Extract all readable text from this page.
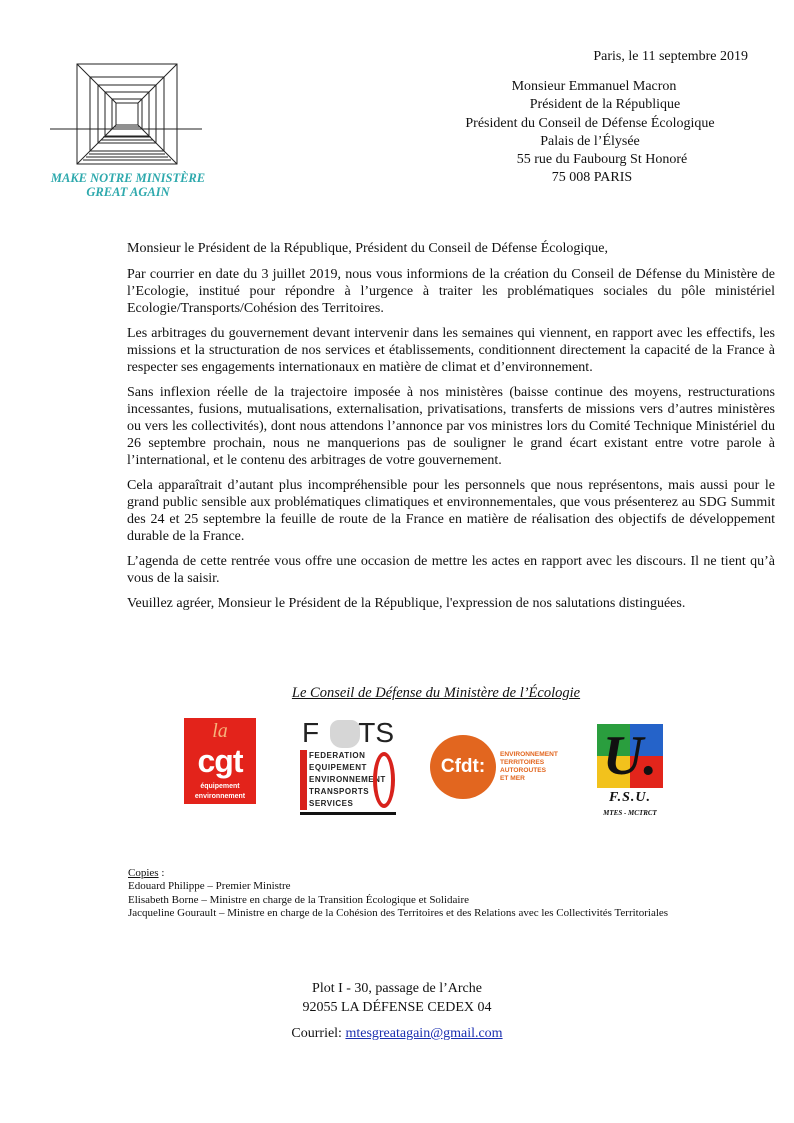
MAKE NOTRE MINISTÈRE
GREAT AGAIN
Paris, le 11 septembre 2019
Monsieur Emmanuel Macron
Président de la République
Président du Conseil de Défense Écologique
Palais de l’Élysée
55 rue du Faubourg St Honoré
75 008 PARIS

Monsieur le Président de la République, Président du Conseil de Défense Écologique,

Par courrier en date du 3 juillet 2019, nous vous informions de la création du Conseil de Défense du Ministère de l’Ecologie, institué pour répondre à l’urgence à traiter les problématiques sociales du pôle ministériel Ecologie/Transports/Cohésion des Territoires.

Les arbitrages du gouvernement devant intervenir dans les semaines qui viennent, en rapport avec les effectifs, les missions et la structuration de nos services et établissements, conditionnent directement la capacité de la France à respecter ses engagements internationaux en matière de climat et d’environnement.

Sans inflexion réelle de la trajectoire imposée à nos ministères (baisse continue des moyens, restructurations incessantes, fusions, mutualisations, externalisation, privatisations, transferts de missions vers d’autres ministères ou vers les collectivités), dont nous attendons l’annonce par vos ministres lors du Comité Technique Ministériel du 26 septembre prochain, nous ne manquerions pas de souligner le grand écart existant entre votre parole à l’international, et le contenu des arbitrages de votre gouvernement.

Cela apparaîtrait d’autant plus incompréhensible pour les personnels que nous représentons, mais aussi pour le grand public sensible aux problématiques climatiques et environnementales, que vous présenterez au SDG Summit des 24 et 25 septembre la feuille de route de la France en matière de réalisation des objectifs de développement durable de la France.

L’agenda de cette rentrée vous offre une occasion de mettre les actes en rapport avec les discours. Il ne tient qu’à vous de la saisir.

Veuillez agréer, Monsieur le Président de la République, l'expression de nos salutations distinguées.

Le Conseil de Défense du Ministère de l’Écologie
la
cgt
équipement
environnement
F TS
FEDERATION
EQUIPEMENT
ENVIRONNEMENT
TRANSPORTS
SERVICES
Cfdt:
ENVIRONNEMENT
TERRITOIRES
AUTOROUTES
ET MER U.
F.S.U.
MTES - MCTRCT
Copies :
Edouard Philippe – Premier Ministre
Elisabeth Borne – Ministre en charge de la Transition Écologique et Solidaire
Jacqueline Gourault – Ministre en charge de la Cohésion des Territoires et des Relations avec les Collectivités Territoriales
Plot I - 30, passage de l’Arche
92055 LA DÉFENSE CEDEX 04
Courriel: mtesgreatagain@gmail.com
